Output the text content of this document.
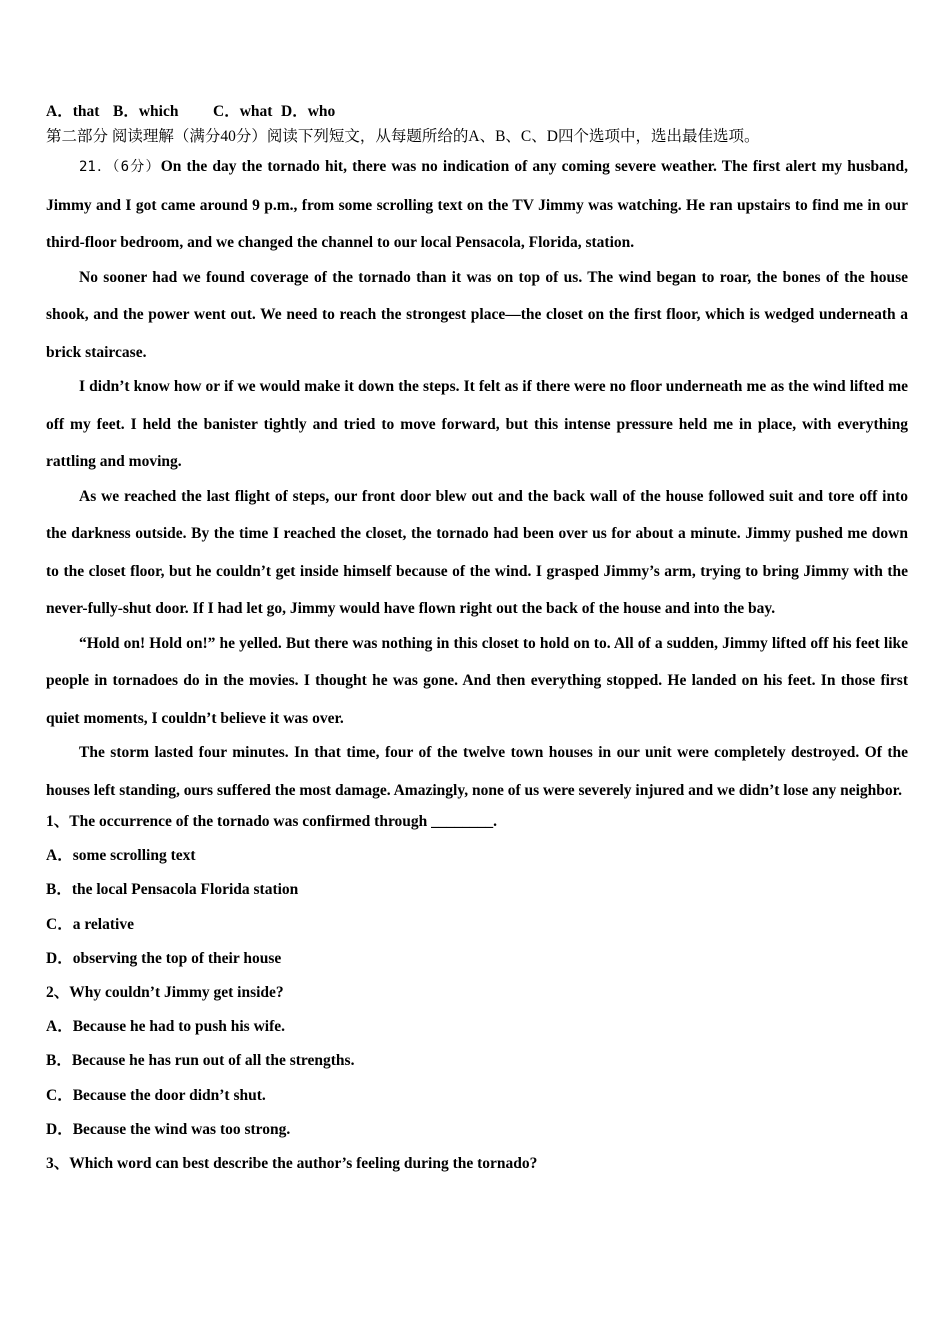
A．that B．which C．what D．who
第二部分 阅读理解（满分40分）阅读下列短文，从每题所给的A、B、C、D四个选项中，选出最佳选项。

21．（6分）On the day the tornado hit, there was no indication of any coming severe weather. The first alert my husband, Jimmy and I got came around 9 p.m., from some scrolling text on the TV Jimmy was watching. He ran upstairs to find me in our third-floor bedroom, and we changed the channel to our local Pensacola, Florida, station.

No sooner had we found coverage of the tornado than it was on top of us. The wind began to roar, the bones of the house shook, and the power went out. We need to reach the strongest place—the closet on the first floor, which is wedged underneath a brick staircase.

I didn’t know how or if we would make it down the steps. It felt as if there were no floor underneath me as the wind lifted me off my feet. I held the banister tightly and tried to move forward, but this intense pressure held me in place, with everything rattling and moving.

As we reached the last flight of steps, our front door blew out and the back wall of the house followed suit and tore off into the darkness outside. By the time I reached the closet, the tornado had been over us for about a minute. Jimmy pushed me down to the closet floor, but he couldn’t get inside himself because of the wind. I grasped Jimmy’s arm, trying to bring Jimmy with the never-fully-shut door. If I had let go, Jimmy would have flown right out the back of the house and into the bay.

“Hold on! Hold on!” he yelled. But there was nothing in this closet to hold on to. All of a sudden, Jimmy lifted off his feet like people in tornadoes do in the movies. I thought he was gone. And then everything stopped. He landed on his feet. In those first quiet moments, I couldn’t believe it was over.

The storm lasted four minutes. In that time, four of the twelve town houses in our unit were completely destroyed. Of the houses left standing, ours suffered the most damage. Amazingly, none of us were severely injured and we didn’t lose any neighbor.

1、The occurrence of the tornado was confirmed through ________.
A．some scrolling text
B．the local Pensacola Florida station
C．a relative
D．observing the top of their house
2、Why couldn’t Jimmy get inside?
A．Because he had to push his wife.
B．Because he has run out of all the strengths.
C．Because the door didn’t shut.
D．Because the wind was too strong.
3、Which word can best describe the author’s feeling during the tornado?
